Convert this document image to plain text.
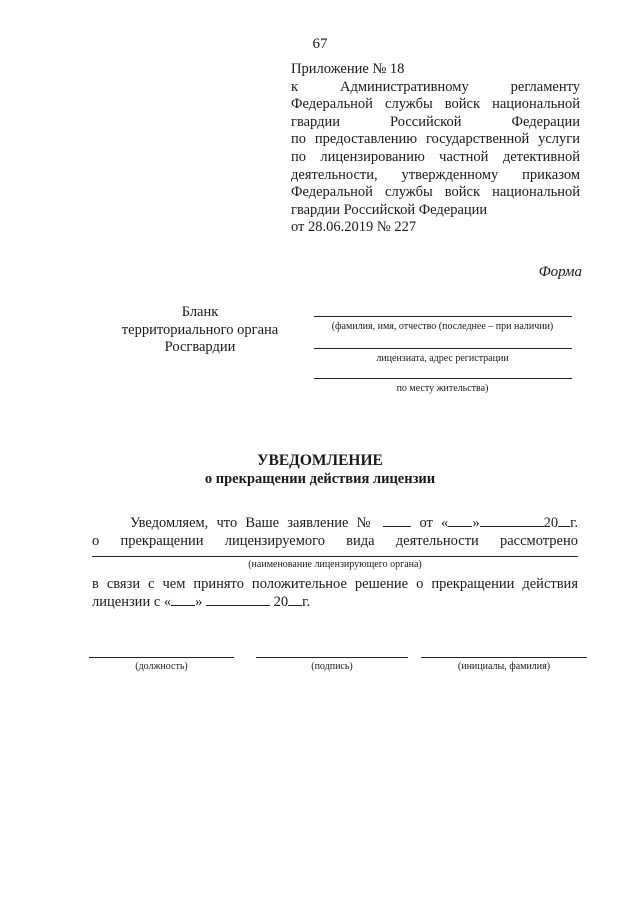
67
Приложение № 18
к Административному регламенту
Федеральной службы войск национальной
гвардии Российской Федерации
по предоставлению государственной услуги
по лицензированию частной детективной
деятельности, утвержденному приказом
Федеральной службы войск национальной
гвардии Российской Федерации
от 28.06.2019 № 227
Форма
Бланк
территориального органа
Росгвардии
(фамилия, имя, отчество (последнее – при наличии)
лицензиата, адрес регистрации
по месту жительства)
УВЕДОМЛЕНИЕ
о прекращении действия лицензии
Уведомляем, что Ваше заявление №	от « »	20 г.
о прекращении лицензируемого вида деятельности рассмотрено
(наименование лицензирующего органа)
в связи с чем принято положительное решение о прекращении действия
лицензии с « »	20 г.
(должность)	(подпись)	(инициалы, фамилия)
